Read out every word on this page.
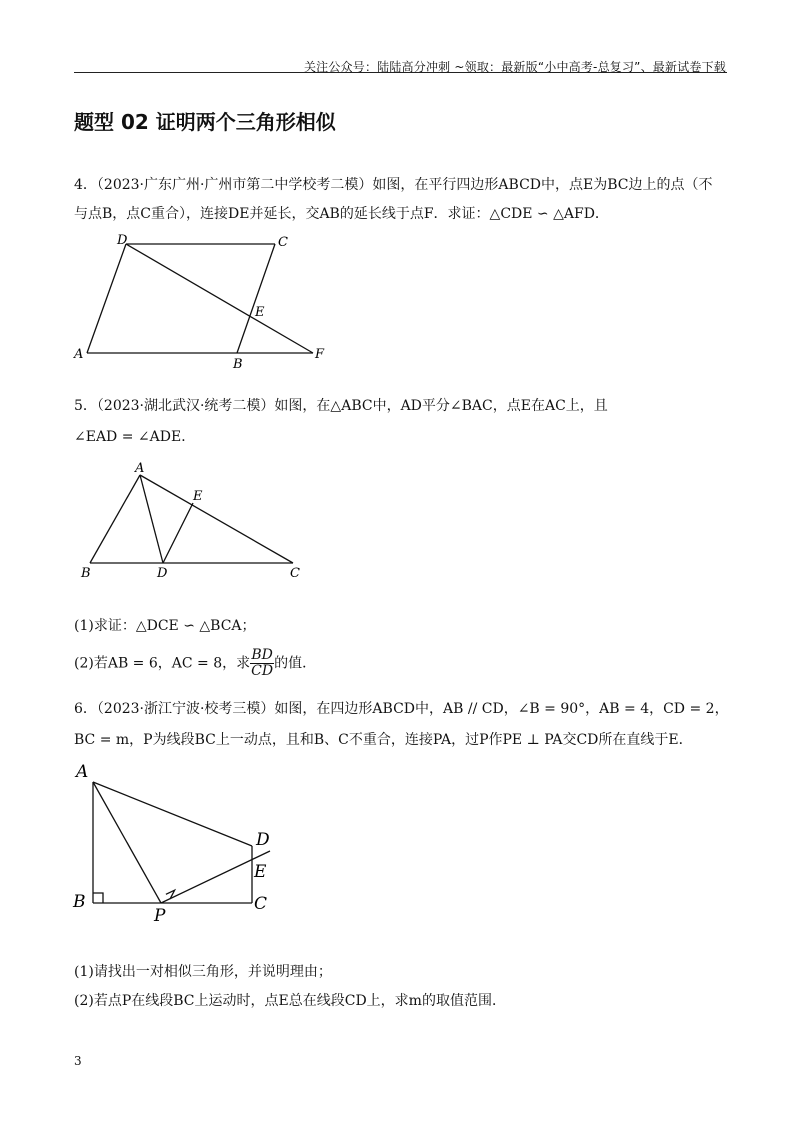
关注公众号：陆陆高分冲刺 ~领取：最新版“小中高考-总复习”、最新试卷下载
题型 02 证明两个三角形相似
4．（2023·广东广州·广州市第二中学校考二模）如图，在平行四边形ABCD中，点E为BC边上的点（不
与点B，点C重合），连接DE并延长，交AB的延长线于点F．求证：△CDE ∽ △AFD．
D	C
E
A
B
F
5．（2023·湖北武汉·统考二模）如图，在△ABC中，AD平分∠BAC，点E在AC上，且
∠EAD = ∠ADE．
A
E
B	D	C
(1)求证：△DCE ∽ △BCA；
(2)若AB = 6，AC = 8，求 $\frac{BD}{CD}$ 的值．
6．（2023·浙江宁波·校考三模）如图，在四边形ABCD中，AB // CD，∠B = 90°，AB = 4，CD = 2，
BC = m，P为线段BC上一动点，且和B、C不重合，连接PA，过P作PE ⊥ PA交CD所在直线于E．
A
D
E
B
P
C
(1)请找出一对相似三角形，并说明理由；
(2)若点P在线段BC上运动时，点E总在线段CD上，求m的取值范围．
3
